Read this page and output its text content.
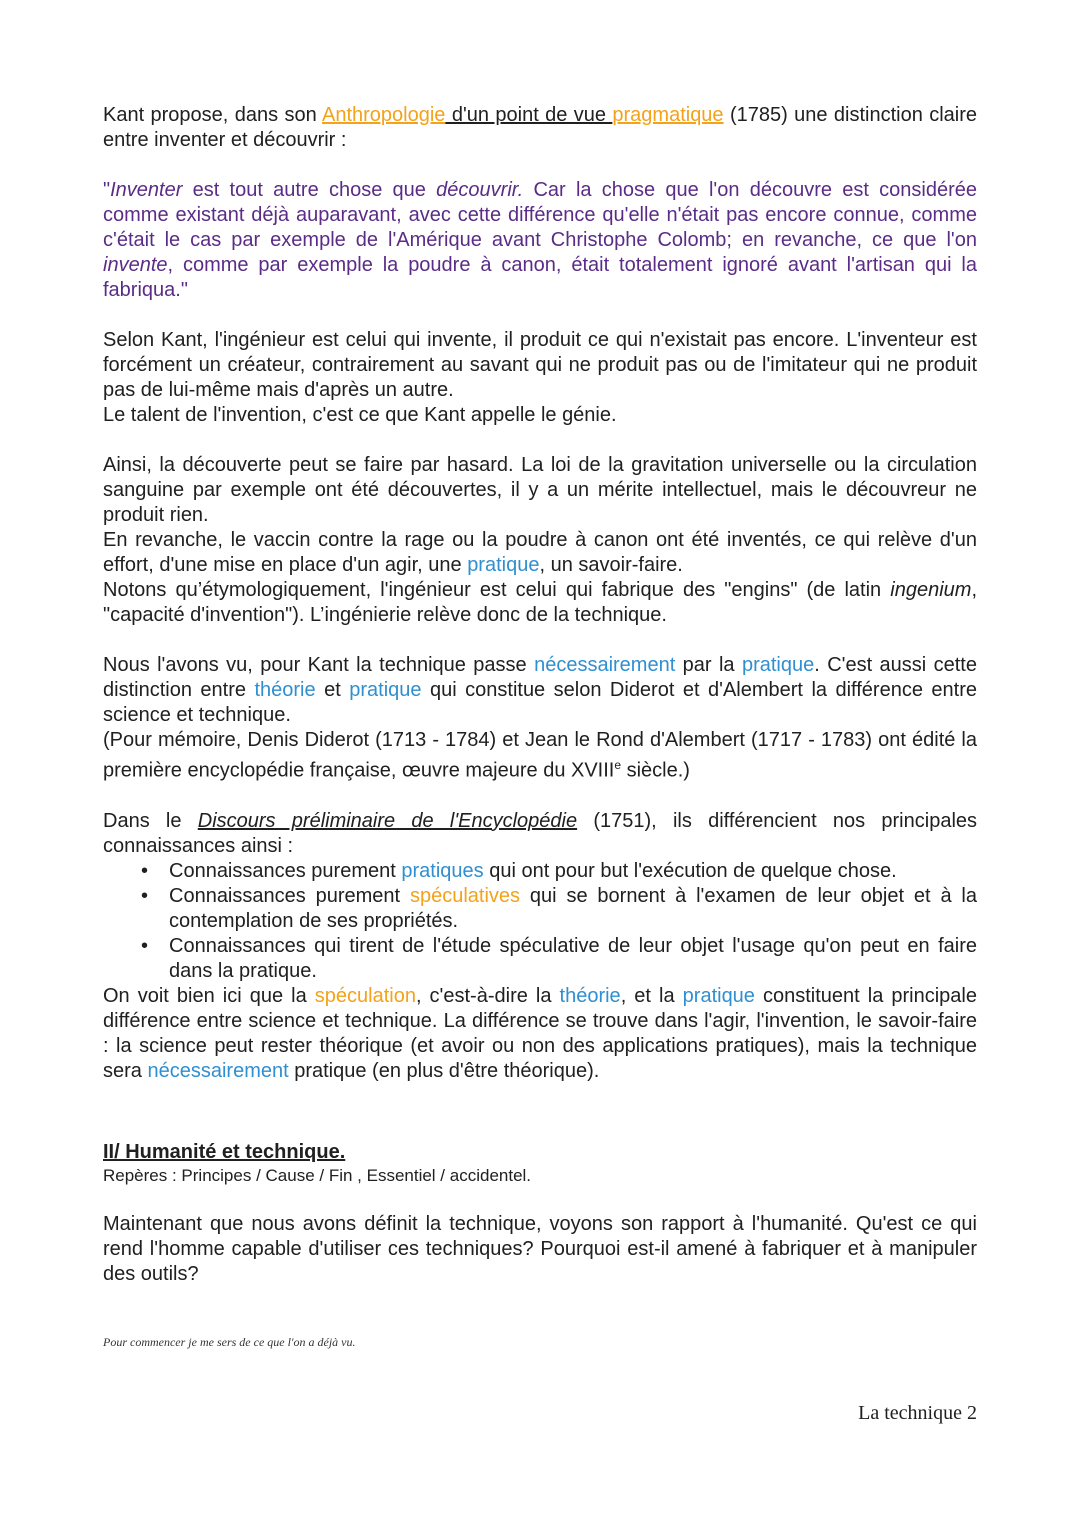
Kant propose, dans son Anthropologie d'un point de vue pragmatique (1785) une distinction claire entre inventer et découvrir :

"Inventer est tout autre chose que découvrir. Car la chose que l'on découvre est considérée comme existant déjà auparavant, avec cette différence qu'elle n'était pas encore connue, comme c'était le cas par exemple de l'Amérique avant Christophe Colomb; en revanche, ce que l'on invente, comme par exemple la poudre à canon, était totalement ignoré avant l'artisan qui la fabriqua."

Selon Kant, l'ingénieur est celui qui invente, il produit ce qui n'existait pas encore. L'inventeur est forcément un créateur, contrairement au savant qui ne produit pas ou de l'imitateur qui ne produit pas de lui-même mais d'après un autre.

Le talent de l'invention, c'est ce que Kant appelle le génie.

Ainsi, la découverte peut se faire par hasard. La loi de la gravitation universelle ou la circulation sanguine par exemple ont été découvertes, il y a un mérite intellectuel, mais le découvreur ne produit rien.

En revanche, le vaccin contre la rage ou la poudre à canon ont été inventés, ce qui relève d'un effort, d'une mise en place d'un agir, une pratique, un savoir-faire.

Notons qu’étymologiquement, l'ingénieur est celui qui fabrique des "engins" (de latin ingenium, "capacité d'invention"). L’ingénierie relève donc de la technique.

Nous l'avons vu, pour Kant la technique passe nécessairement par la pratique. C'est aussi cette distinction entre théorie et pratique qui constitue selon Diderot et d'Alembert la différence entre science et technique.

(Pour mémoire, Denis Diderot (1713 - 1784) et Jean le Rond d'Alembert (1717 - 1783) ont édité la première encyclopédie française, œuvre majeure du XVIIIe siècle.)

Dans le Discours préliminaire de l'Encyclopédie (1751), ils différencient nos principales connaissances ainsi :

• Connaissances purement pratiques qui ont pour but l'exécution de quelque chose.
• Connaissances purement spéculatives qui se bornent à l'examen de leur objet et à la contemplation de ses propriétés.
• Connaissances qui tirent de l'étude spéculative de leur objet l'usage qu'on peut en faire dans la pratique.

On voit bien ici que la spéculation, c'est-à-dire la théorie, et la pratique constituent la principale différence entre science et technique. La différence se trouve dans l'agir, l'invention, le savoir-faire : la science peut rester théorique (et avoir ou non des applications pratiques), mais la technique sera nécessairement pratique (en plus d'être théorique).

II/ Humanité et technique.
Repères : Principes / Cause / Fin , Essentiel / accidentel.

Maintenant que nous avons définit la technique, voyons son rapport à l'humanité. Qu'est ce qui rend l'homme capable d'utiliser ces techniques? Pourquoi est-il amené à fabriquer et à manipuler des outils?

Pour commencer je me sers de ce que l'on a déjà vu.
La technique 2
